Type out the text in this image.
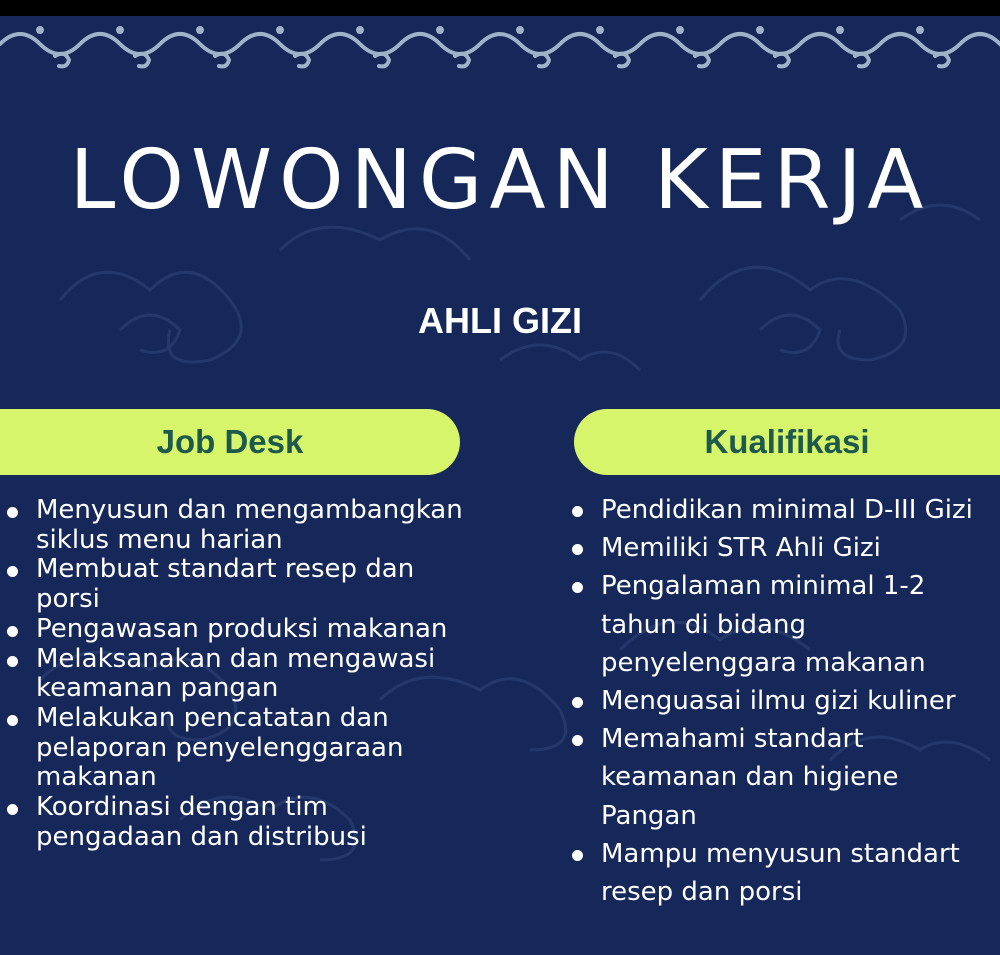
LOWONGAN KERJA
AHLI GIZI
Job Desk	Kualifikasi
Menyusun dan mengambangkan siklus menu harian
Membuat standart resep dan porsi
Pengawasan produksi makanan
Melaksanakan dan mengawasi keamanan pangan
Melakukan pencatatan dan pelaporan penyelenggaraan makanan
Koordinasi dengan tim pengadaan dan distribusi
Pendidikan minimal D-III Gizi
Memiliki STR Ahli Gizi
Pengalaman minimal 1-2 tahun di bidang penyelenggara makanan
Menguasai ilmu gizi kuliner
Memahami standart keamanan dan higiene Pangan
Mampu menyusun standart resep dan porsi
